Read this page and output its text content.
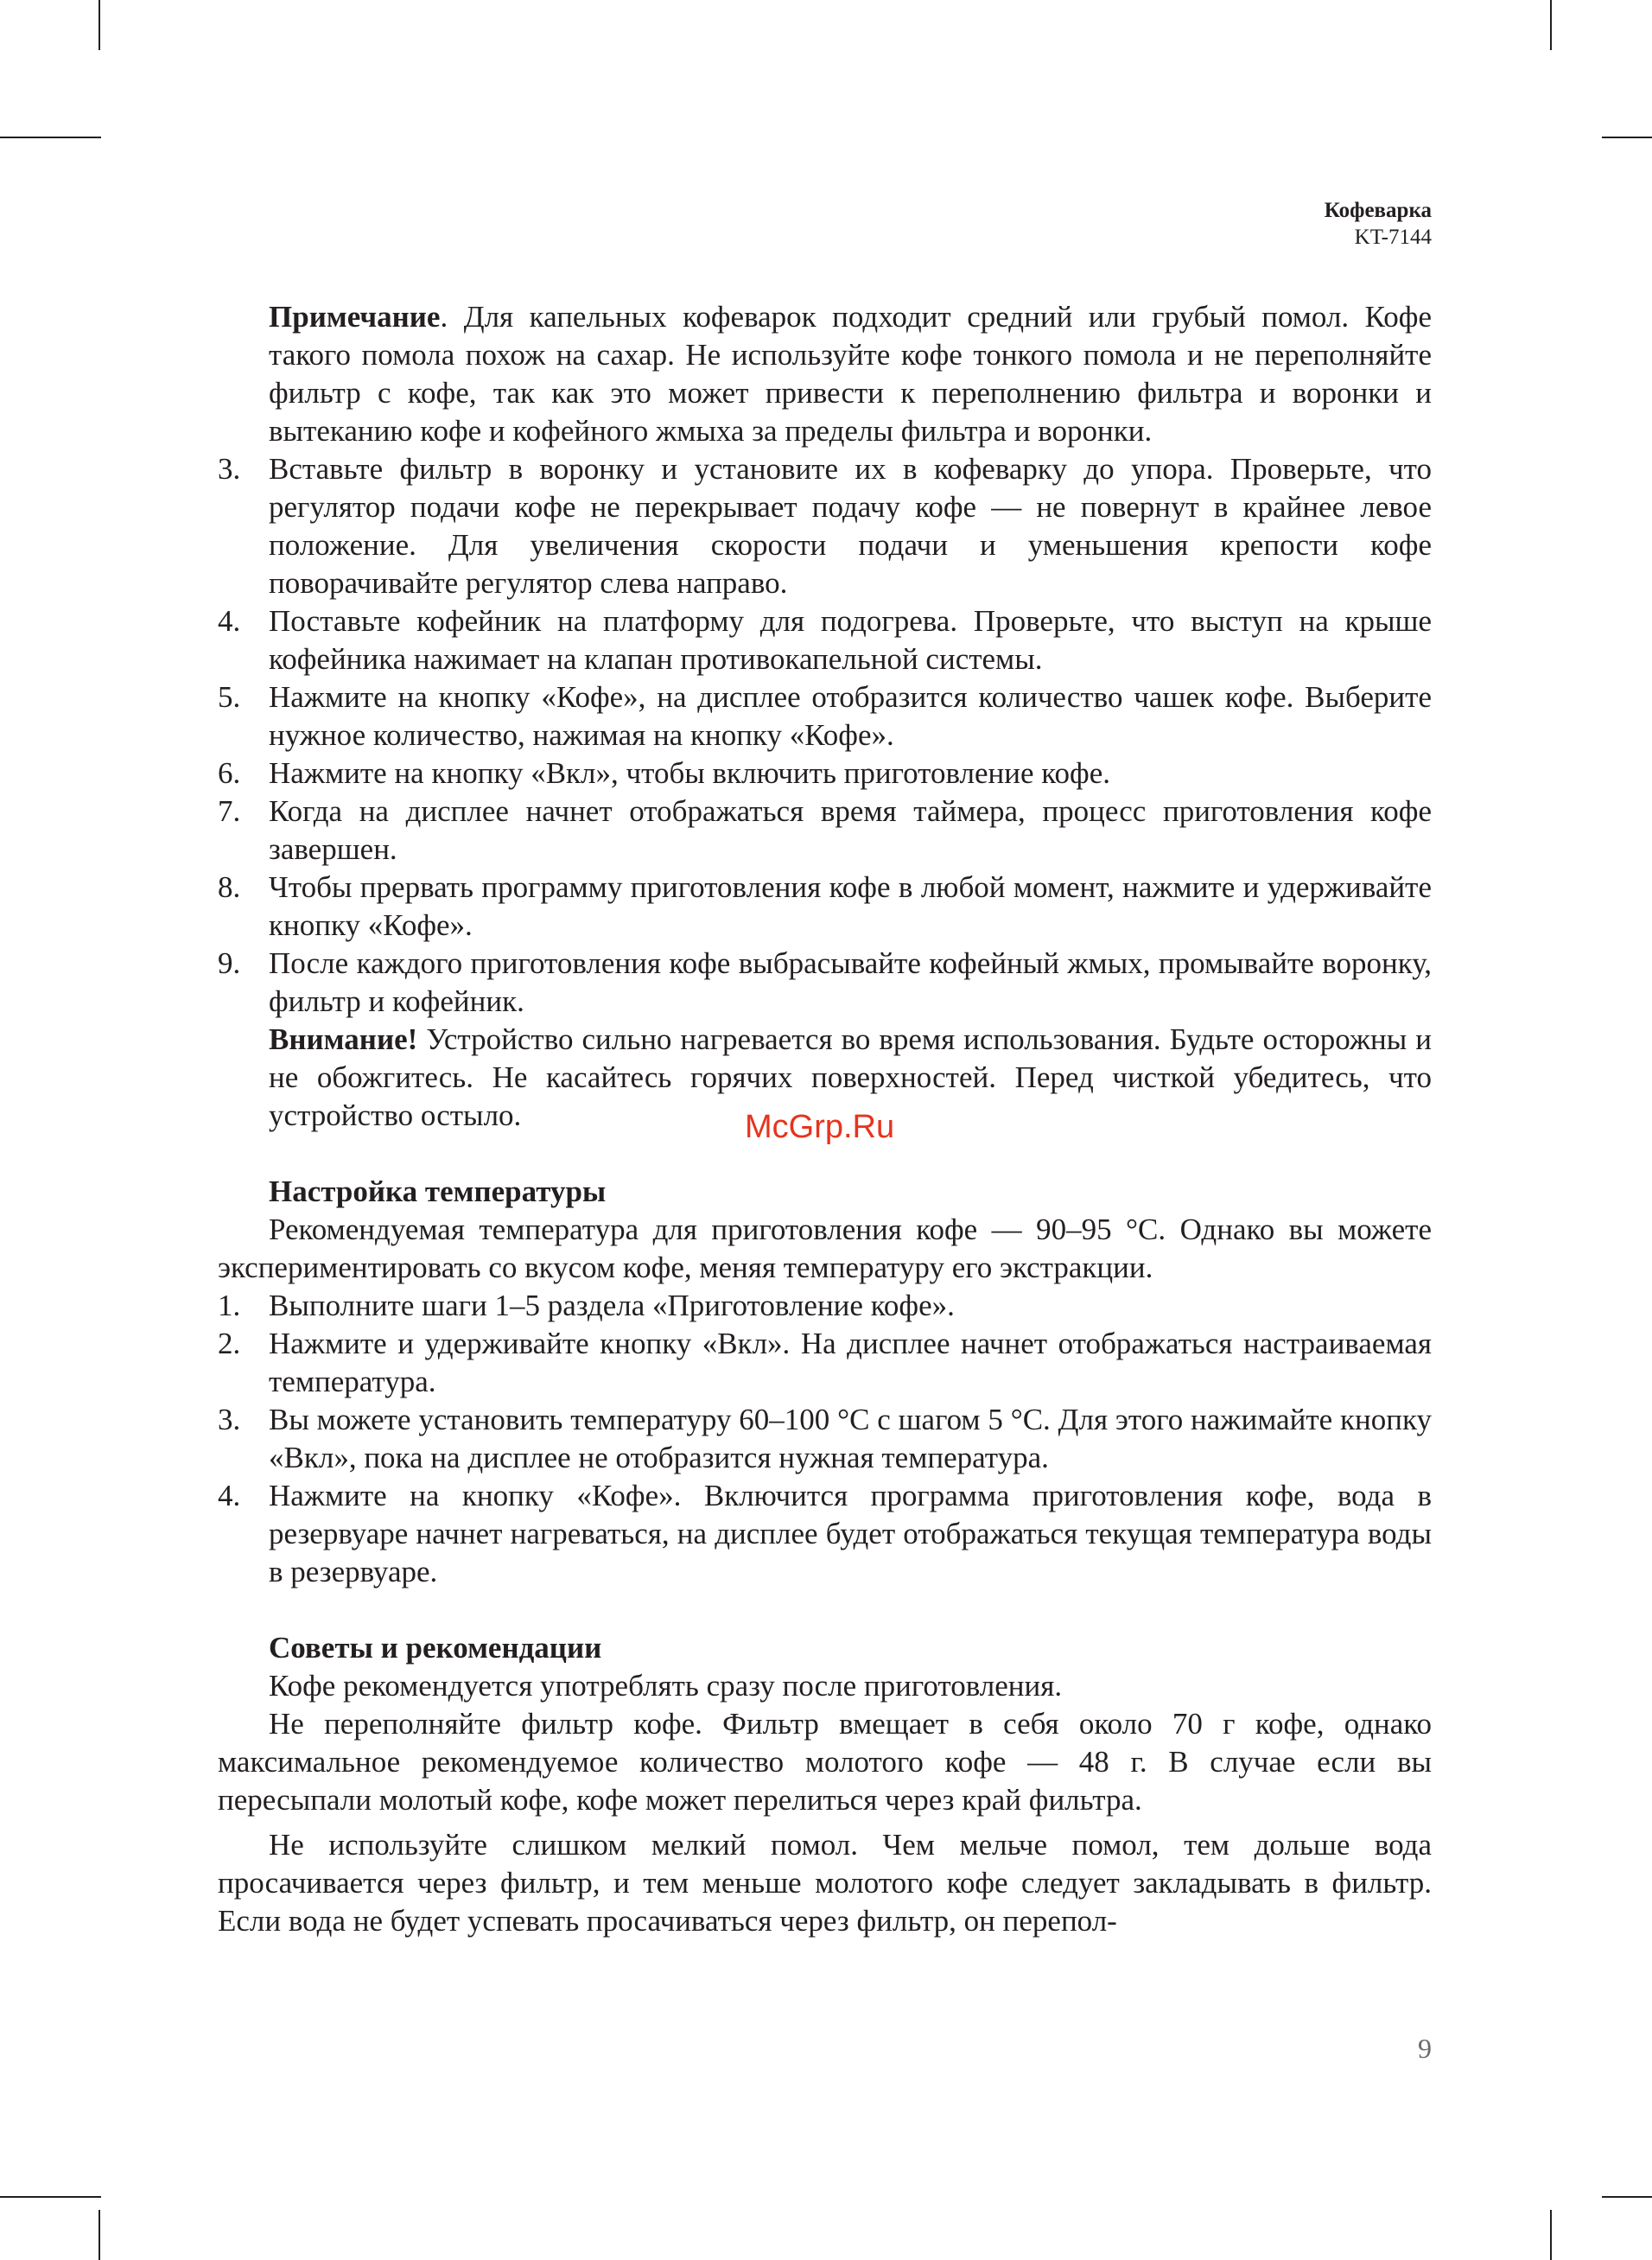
Кофеварка
KT-7144
Примечание. Для капельных кофеварок подходит средний или грубый помол. Кофе такого помола похож на сахар. Не используйте кофе тонкого помола и не переполняйте фильтр с кофе, так как это может привести к переполнению фильтра и воронки и вытеканию кофе и кофейного жмыха за пределы фильтра и воронки.
3. Вставьте фильтр в воронку и установите их в кофеварку до упора. Проверьте, что регулятор подачи кофе не перекрывает подачу кофе — не повернут в крайнее левое положение. Для увеличения скорости подачи и уменьшения крепости кофе поворачивайте регулятор слева направо.
4. Поставьте кофейник на платформу для подогрева. Проверьте, что выступ на крыше кофейника нажимает на клапан противокапельной системы.
5. Нажмите на кнопку «Кофе», на дисплее отобразится количество чашек кофе. Выберите нужное количество, нажимая на кнопку «Кофе».
6. Нажмите на кнопку «Вкл», чтобы включить приготовление кофе.
7. Когда на дисплее начнет отображаться время таймера, процесс приготовления кофе завершен.
8. Чтобы прервать программу приготовления кофе в любой момент, нажмите и удерживайте кнопку «Кофе».
9. После каждого приготовления кофе выбрасывайте кофейный жмых, промывайте воронку, фильтр и кофейник.
Внимание! Устройство сильно нагревается во время использования. Будьте осторожны и не обожгитесь. Не касайтесь горячих поверхностей. Перед чисткой убедитесь, что устройство остыло.
Настройка температуры
Рекомендуемая температура для приготовления кофе — 90–95 °С. Однако вы можете экспериментировать со вкусом кофе, меняя температуру его экстракции.
1. Выполните шаги 1–5 раздела «Приготовление кофе».
2. Нажмите и удерживайте кнопку «Вкл». На дисплее начнет отображаться настраиваемая температура.
3. Вы можете установить температуру 60–100 °С с шагом 5 °С. Для этого нажимайте кнопку «Вкл», пока на дисплее не отобразится нужная температура.
4. Нажмите на кнопку «Кофе». Включится программа приготовления кофе, вода в резервуаре начнет нагреваться, на дисплее будет отображаться текущая температура воды в резервуаре.
Советы и рекомендации
Кофе рекомендуется употреблять сразу после приготовления.
Не переполняйте фильтр кофе. Фильтр вмещает в себя около 70 г кофе, однако максимальное рекомендуемое количество молотого кофе — 48 г. В случае если вы пересыпали молотый кофе, кофе может перелиться через край фильтра.
Не используйте слишком мелкий помол. Чем мельче помол, тем дольше вода просачивается через фильтр, и тем меньше молотого кофе следует закладывать в фильтр. Если вода не будет успевать просачиваться через фильтр, он перепол-
McGrp.Ru
9
